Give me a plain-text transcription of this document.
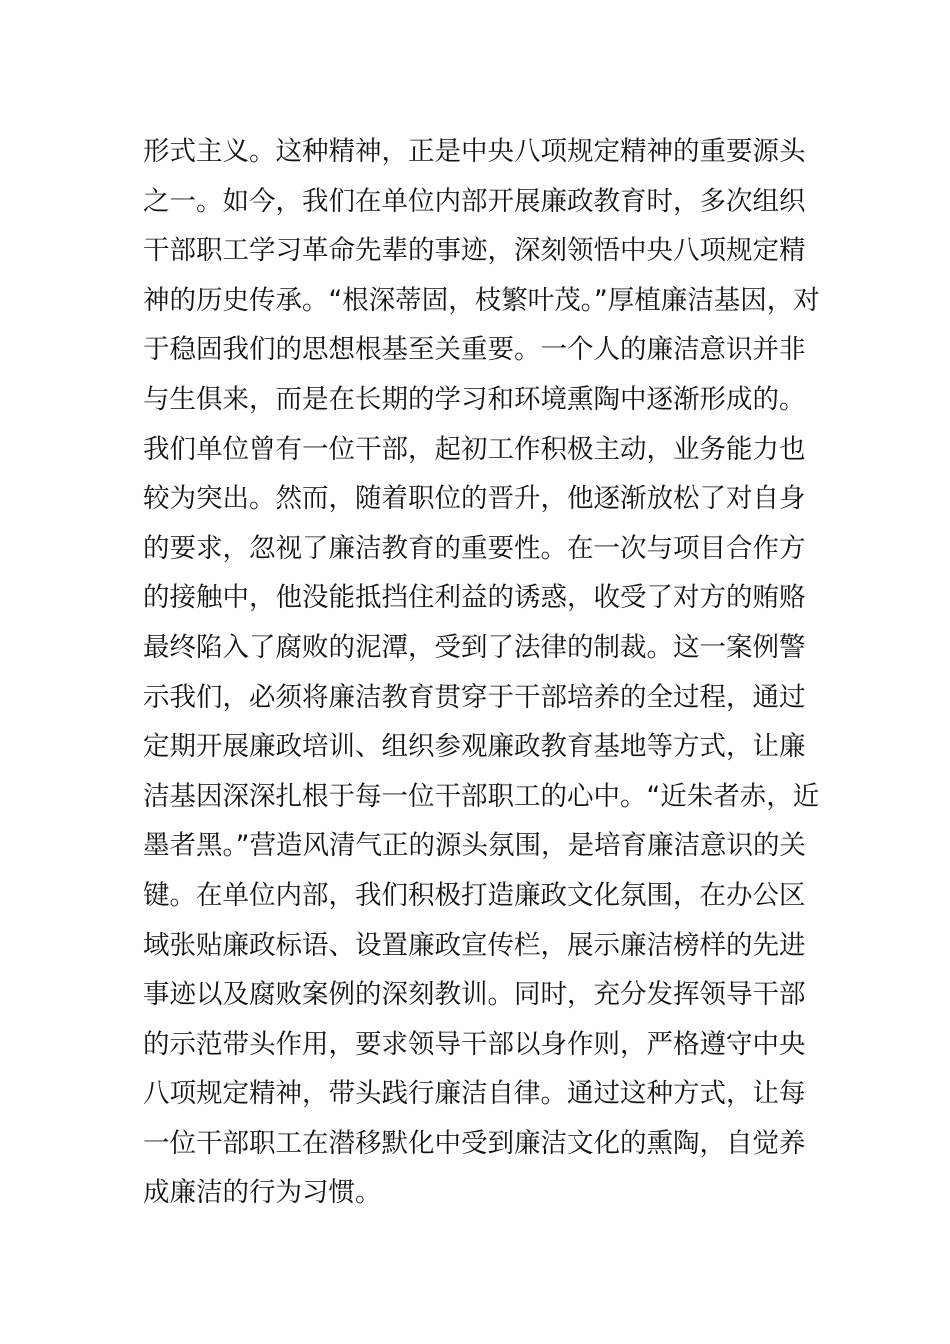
形式主义。这种精神，正是中央八项规定精神的重要源头
之一。如今，我们在单位内部开展廉政教育时，多次组织
干部职工学习革命先辈的事迹，深刻领悟中央八项规定精
神的历史传承。“根深蒂固，枝繁叶茂。”厚植廉洁基因，对
于稳固我们的思想根基至关重要。一个人的廉洁意识并非
与生俱来，而是在长期的学习和环境熏陶中逐渐形成的。
我们单位曾有一位干部，起初工作积极主动，业务能力也
较为突出。然而，随着职位的晋升，他逐渐放松了对自身
的要求，忽视了廉洁教育的重要性。在一次与项目合作方
的接触中，他没能抵挡住利益的诱惑，收受了对方的贿赂
最终陷入了腐败的泥潭，受到了法律的制裁。这一案例警
示我们，必须将廉洁教育贯穿于干部培养的全过程，通过
定期开展廉政培训、组织参观廉政教育基地等方式，让廉
洁基因深深扎根于每一位干部职工的心中。“近朱者赤，近
墨者黑。”营造风清气正的源头氛围，是培育廉洁意识的关
键。在单位内部，我们积极打造廉政文化氛围，在办公区
域张贴廉政标语、设置廉政宣传栏，展示廉洁榜样的先进
事迹以及腐败案例的深刻教训。同时，充分发挥领导干部
的示范带头作用，要求领导干部以身作则，严格遵守中央
八项规定精神，带头践行廉洁自律。通过这种方式，让每
一位干部职工在潜移默化中受到廉洁文化的熏陶，自觉养
成廉洁的行为习惯。
